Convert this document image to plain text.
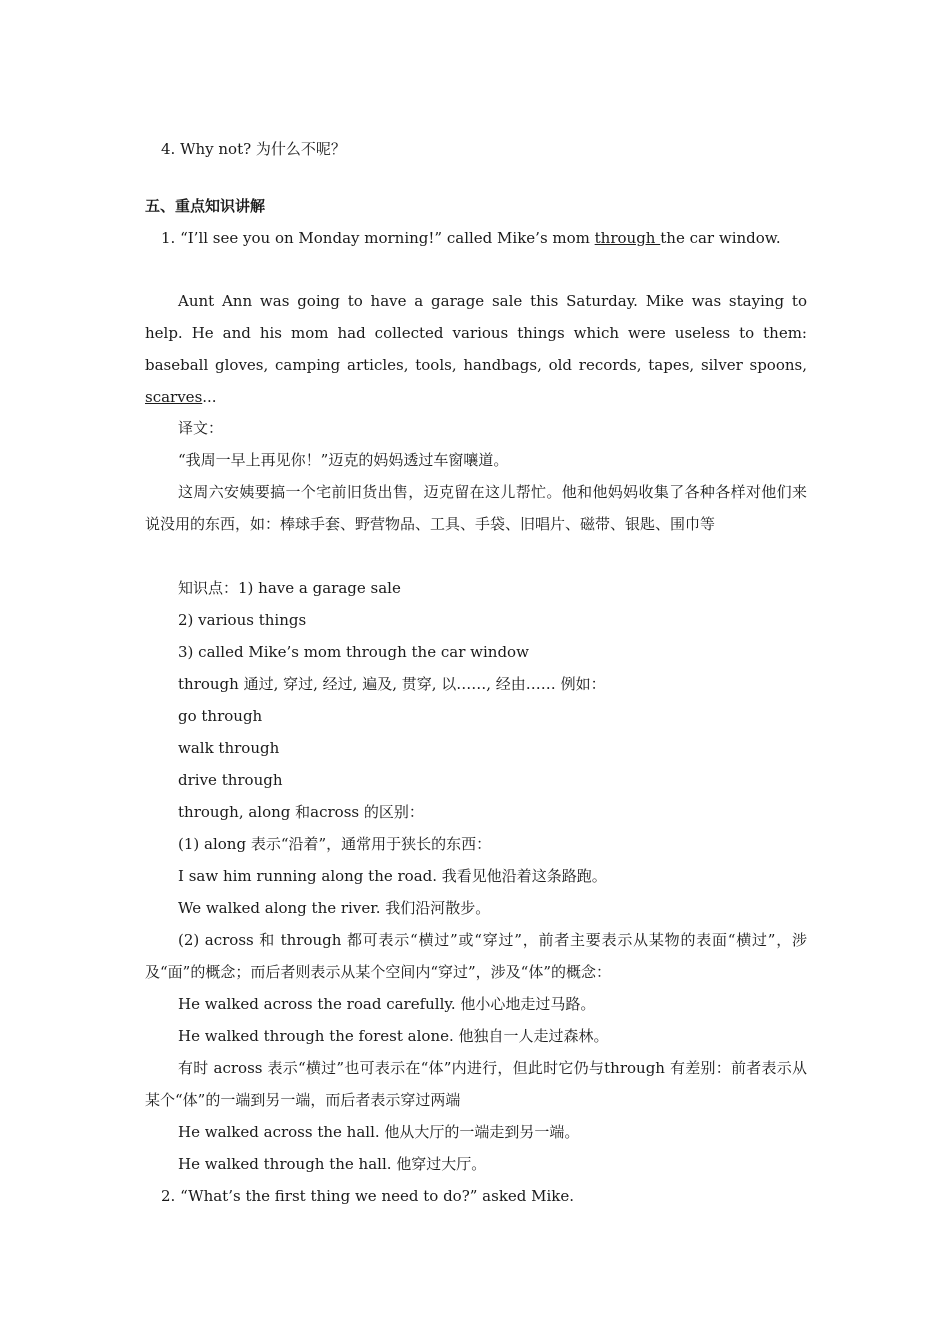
4. Why not? 为什么不呢？
五、重点知识讲解
1. “I’ll see you on Monday morning!” called Mike’s mom through the car window.
Aunt Ann was going to have a garage sale this Saturday. Mike was staying to help. He and his mom had collected various things which were useless to them: baseball gloves, camping articles, tools, handbags, old records, tapes, silver spoons, scarves...
译文：
“我周一早上再见你！”迈克的妈妈透过车窗嚷道。
这周六安姨要搞一个宅前旧货出售，迈克留在这儿帮忙。他和他妈妈收集了各种各样对他们来说没用的东西，如：棒球手套、野营物品、工具、手袋、旧唱片、磁带、银匙、围巾等
知识点：1) have a garage sale
2) various things
3) called Mike’s mom through the car window
through 通过, 穿过, 经过, 遍及, 贯穿, 以……, 经由…… 例如：
go through
walk through
drive through
through, along 和across 的区别：
(1) along 表示“沿着”，通常用于狭长的东西：
I saw him running along the road. 我看见他沿着这条路跑。
We walked along the river. 我们沿河散步。
(2) across 和 through 都可表示“横过”或“穿过”，前者主要表示从某物的表面“横过”，涉及“面”的概念；而后者则表示从某个空间内“穿过”，涉及“体”的概念：
He walked across the road carefully. 他小心地走过马路。
He walked through the forest alone. 他独自一人走过森林。
有时 across 表示“横过”也可表示在“体”内进行，但此时它仍与through 有差别：前者表示从某个“体”的一端到另一端，而后者表示穿过两端
He walked across the hall. 他从大厅的一端走到另一端。
He walked through the hall. 他穿过大厅。
2. “What’s the first thing we need to do?” asked Mike.
